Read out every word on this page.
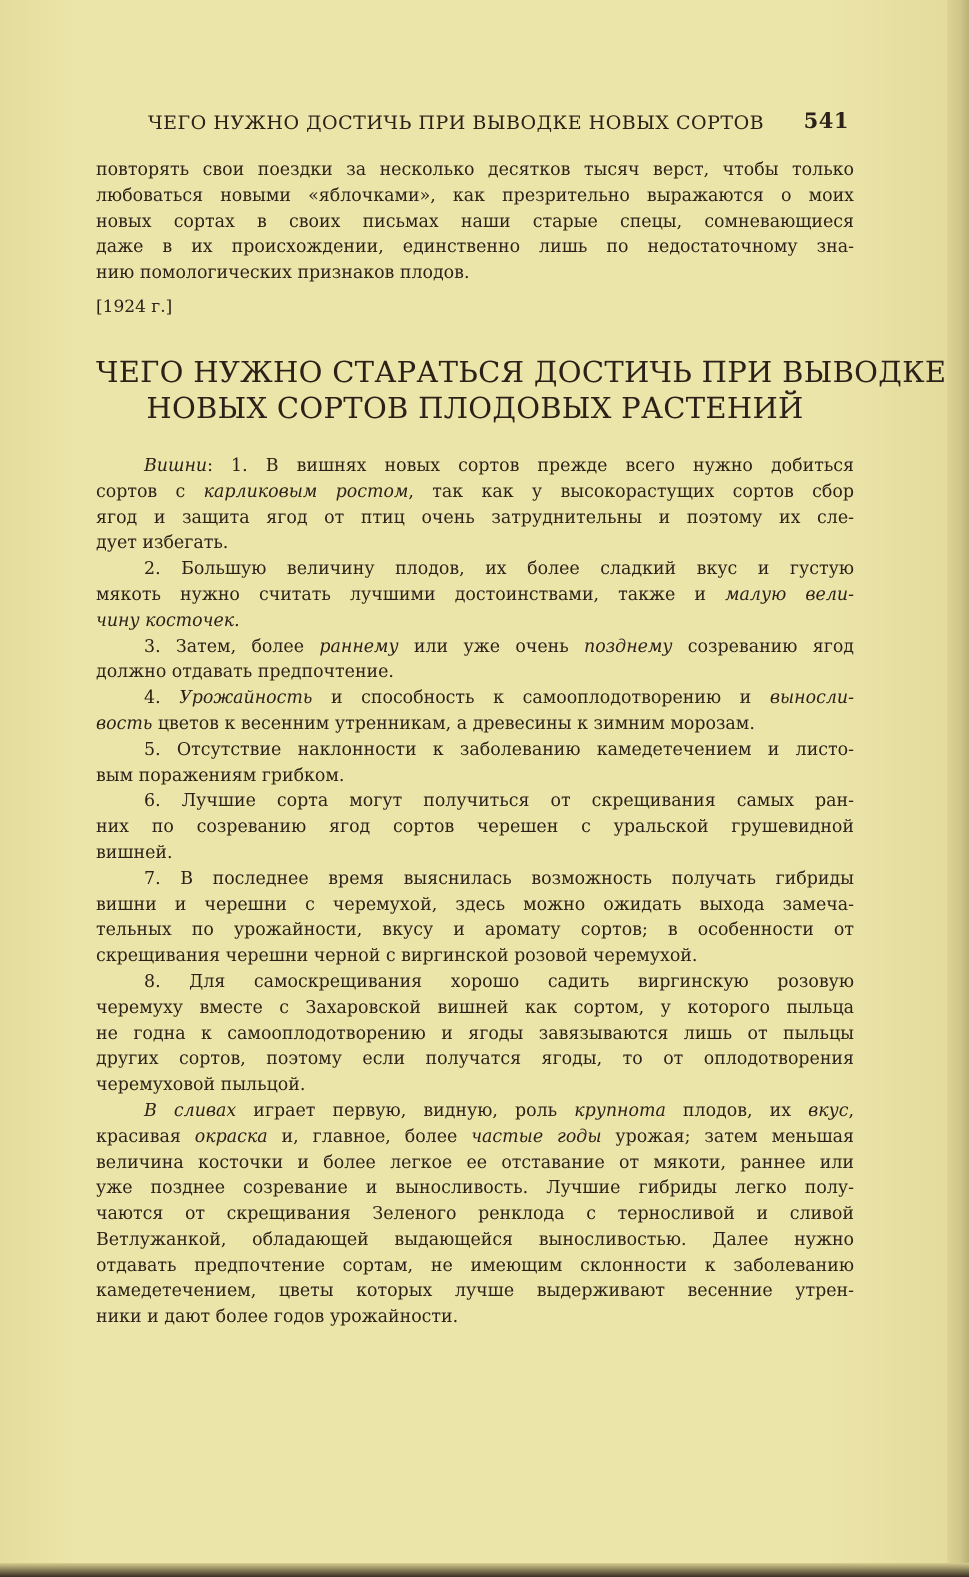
ЧЕГО НУЖНО ДОСТИЧЬ ПРИ ВЫВОДКЕ НОВЫХ СОРТОВ 541
повторять свои поездки за несколько десятков тысяч верст, чтобы только
любоваться новыми «яблочками», как презрительно выражаются о моих
новых сортах в своих письмах наши старые спецы, сомневающиеся
даже в их происхождении, единственно лишь по недостаточному зна-
нию помологических признаков плодов.
[1924 г.]
ЧЕГО НУЖНО СТАРАТЬСЯ ДОСТИЧЬ ПРИ ВЫВОДКЕ
НОВЫХ СОРТОВ ПЛОДОВЫХ РАСТЕНИЙ
Вишни: 1. В вишнях новых сортов прежде всего нужно добиться
сортов с карликовым ростом, так как у высокорастущих сортов сбор
ягод и защита ягод от птиц очень затруднительны и поэтому их сле-
дует избегать.
2. Большую величину плодов, их более сладкий вкус и густую
мякоть нужно считать лучшими достоинствами, также и малую вели-
чину косточек.
3. Затем, более раннему или уже очень позднему созреванию ягод
должно отдавать предпочтение.
4. Урожайность и способность к самооплодотворению и выносли-
вость цветов к весенним утренникам, а древесины к зимним морозам.
5. Отсутствие наклонности к заболеванию камедетечением и листо-
вым поражениям грибком.
6. Лучшие сорта могут получиться от скрещивания самых ран-
них по созреванию ягод сортов черешен с уральской грушевидной
вишней.
7. В последнее время выяснилась возможность получать гибриды
вишни и черешни с черемухой, здесь можно ожидать выхода замеча-
тельных по урожайности, вкусу и аромату сортов; в особенности от
скрещивания черешни черной с виргинской розовой черемухой.
8. Для самоскрещивания хорошо садить виргинскую розовую
черемуху вместе с Захаровской вишней как сортом, у которого пыльца
не годна к самооплодотворению и ягоды завязываются лишь от пыльцы
других сортов, поэтому если получатся ягоды, то от оплодотворения
черемуховой пыльцой.
В сливах играет первую, видную, роль крупнота плодов, их вкус,
красивая окраска и, главное, более частые годы урожая; затем меньшая
величина косточки и более легкое ее отставание от мякоти, раннее или
уже позднее созревание и выносливость. Лучшие гибриды легко полу-
чаются от скрещивания Зеленого ренклода с терносливой и сливой
Ветлужанкой, обладающей выдающейся выносливостью. Далее нужно
отдавать предпочтение сортам, не имеющим склонности к заболеванию
камедетечением, цветы которых лучше выдерживают весенние утрен-
ники и дают более годов урожайности.
